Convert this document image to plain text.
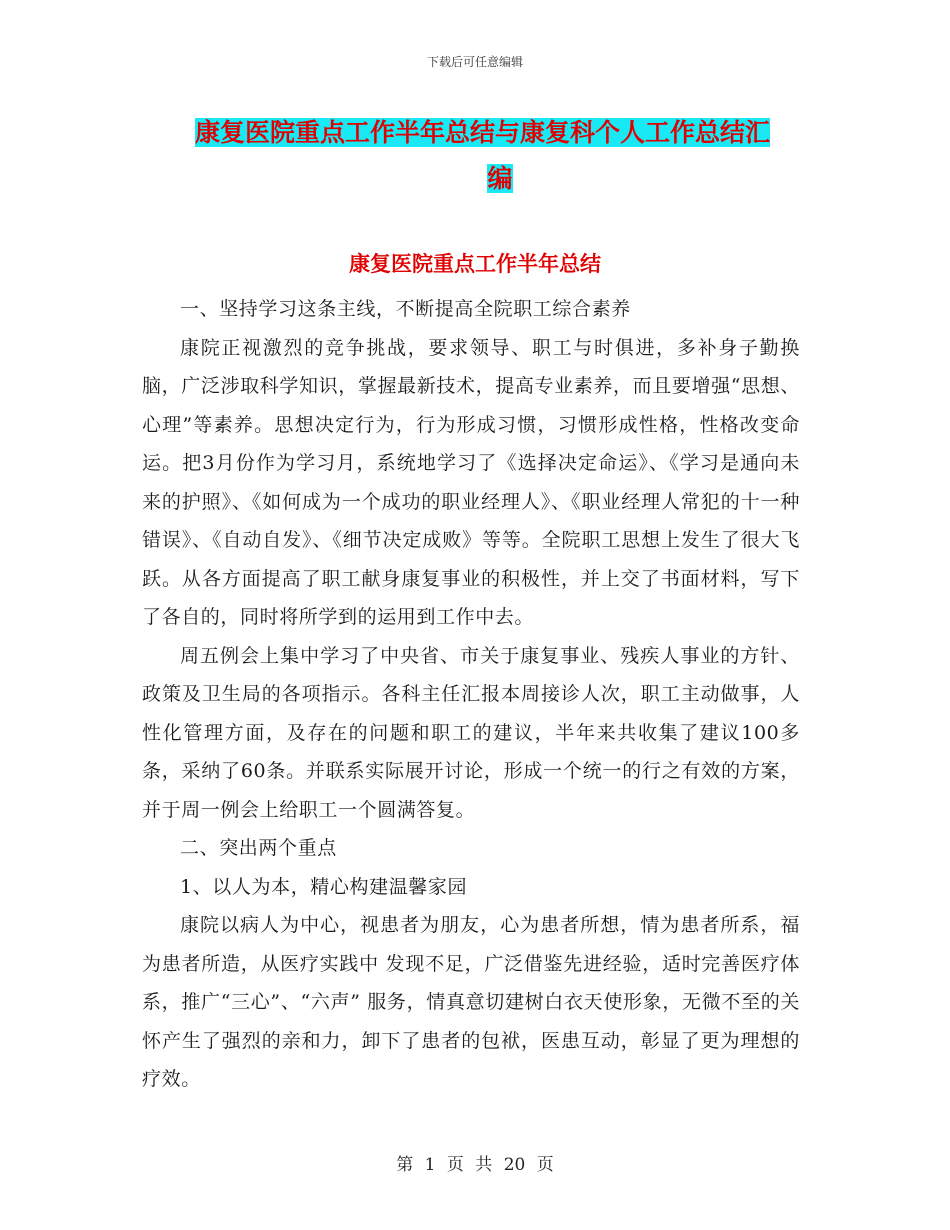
下载后可任意编辑
康复医院重点工作半年总结与康复科个人工作总结汇
编
康复医院重点工作半年总结

一、坚持学习这条主线，不断提高全院职工综合素养

康院正视激烈的竞争挑战，要求领导、职工与时俱进，多补身子勤换脑，广泛涉取科学知识，掌握最新技术，提高专业素养，而且要增强“思想、心理”等素养。思想决定行为，行为形成习惯，习惯形成性格，性格改变命运。把3月份作为学习月，系统地学习了《选择决定命运》、《学习是通向未来的护照》、《如何成为一个成功的职业经理人》、《职业经理人常犯的十一种错误》、《自动自发》、《细节决定成败》等等。全院职工思想上发生了很大飞跃。从各方面提高了职工献身康复事业的积极性，并上交了书面材料，写下了各自的，同时将所学到的运用到工作中去。

周五例会上集中学习了中央省、市关于康复事业、残疾人事业的方针、政策及卫生局的各项指示。各科主任汇报本周接诊人次，职工主动做事，人性化管理方面，及存在的问题和职工的建议，半年来共收集了建议100多条，采纳了60条。并联系实际展开讨论，形成一个统一的行之有效的方案，并于周一例会上给职工一个圆满答复。

二、突出两个重点

1、以人为本，精心构建温馨家园

康院以病人为中心，视患者为朋友，心为患者所想，情为患者所系，福为患者所造，从医疗实践中 发现不足，广泛借鉴先进经验，适时完善医疗体系，推广“三心”、“六声” 服务，情真意切建树白衣天使形象，无微不至的关怀产生了强烈的亲和力，卸下了患者的包袱，医患互动，彰显了更为理想的疗效。

第 1 页 共 20 页
